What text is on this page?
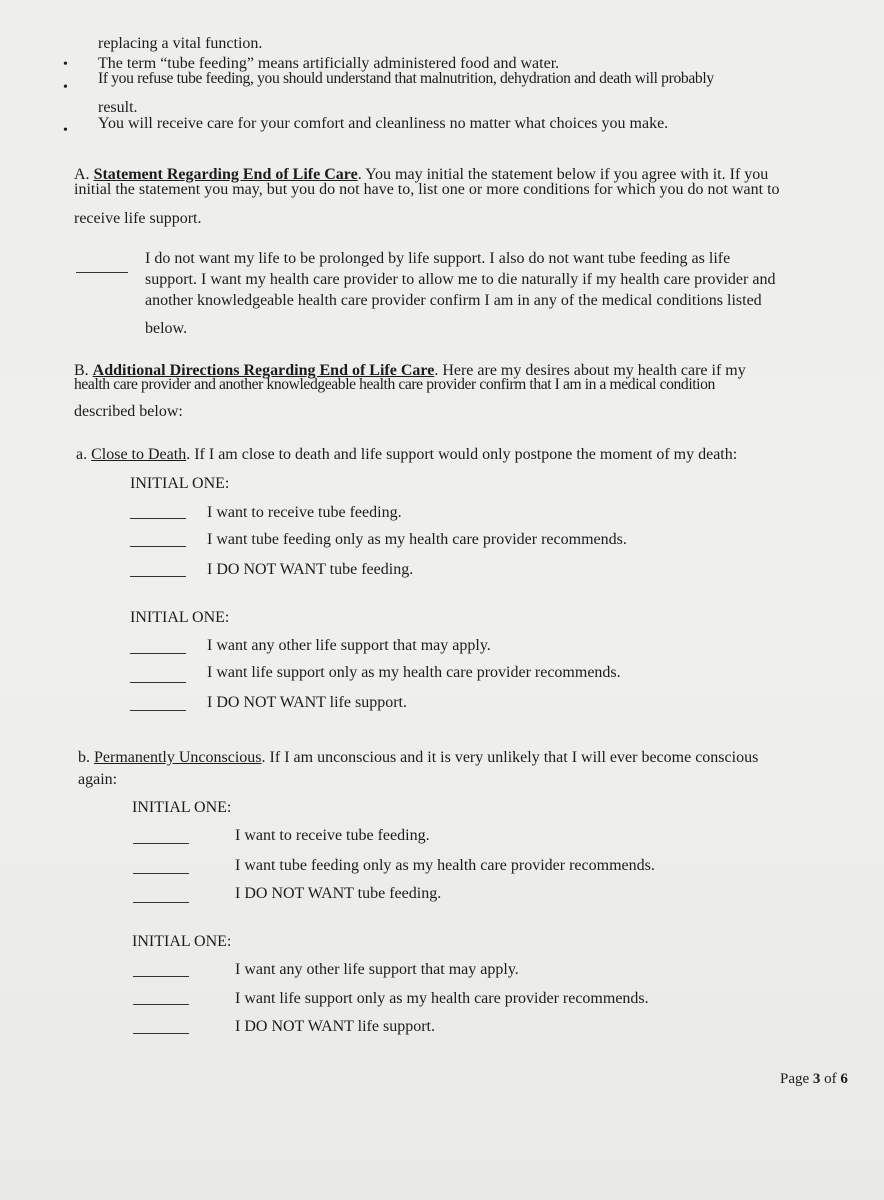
replacing a vital function.
• The term “tube feeding” means artificially administered food and water.
•
If you refuse tube feeding, you should understand that malnutrition, dehydration and death will probably
result.
• You will receive care for your comfort and cleanliness no matter what choices you make.
A. Statement Regarding End of Life Care. You may initial the statement below if you agree with it. If you
initial the statement you may, but you do not have to, list one or more conditions for which you do not want to
receive life support.
I do not want my life to be prolonged by life support. I also do not want tube feeding as life
support. I want my health care provider to allow me to die naturally if my health care provider and
another knowledgeable health care provider confirm I am in any of the medical conditions listed
below.
B. Additional Directions Regarding End of Life Care. Here are my desires about my health care if my
health care provider and another knowledgeable health care provider confirm that I am in a medical condition
described below:
a. Close to Death. If I am close to death and life support would only postpone the moment of my death:
INITIAL ONE:
I want to receive tube feeding.
I want tube feeding only as my health care provider recommends.
I DO NOT WANT tube feeding.
INITIAL ONE:
I want any other life support that may apply.
I want life support only as my health care provider recommends.
I DO NOT WANT life support.
b. Permanently Unconscious. If I am unconscious and it is very unlikely that I will ever become conscious
again:
INITIAL ONE:
I want to receive tube feeding.
I want tube feeding only as my health care provider recommends.
I DO NOT WANT tube feeding.
INITIAL ONE:
I want any other life support that may apply.
I want life support only as my health care provider recommends.
I DO NOT WANT life support.
Page 3 of 6
